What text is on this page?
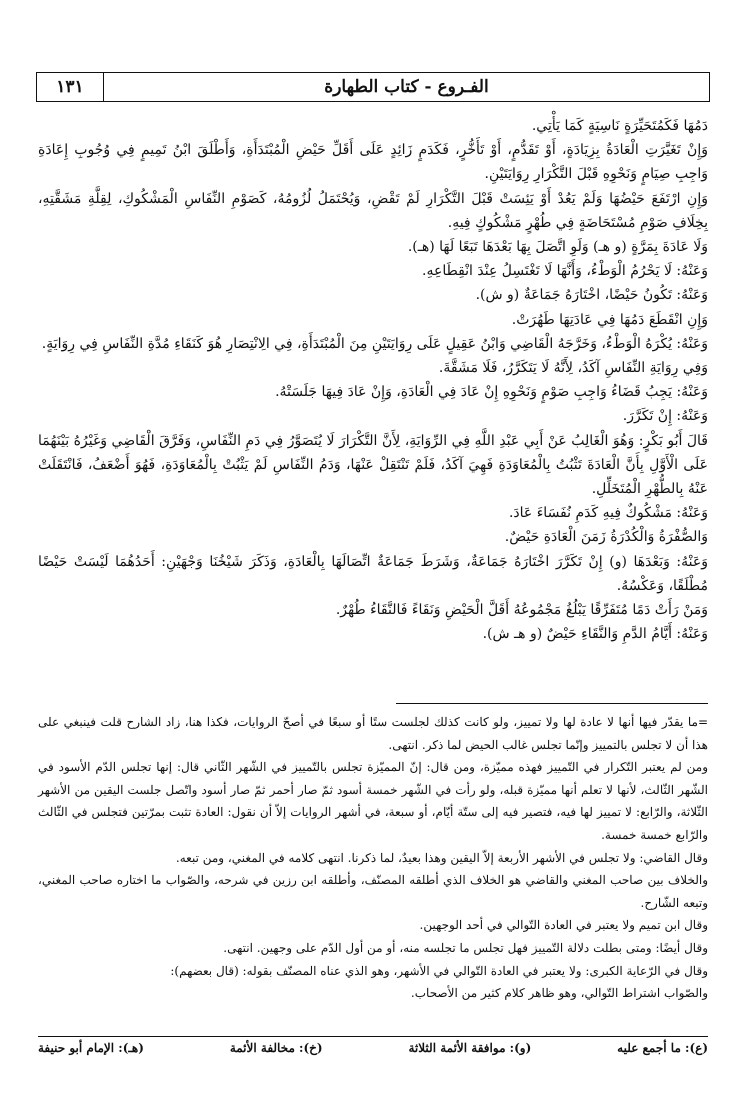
١٣١	الفـروع - كتاب الطهارة

دَمُهَا فَكَمُتَحَيِّرَةٍ نَاسِيَةٍ كَمَا يَأْتِي.

وَإِنْ تَغَيَّرَتِ الْعَادَةُ بِزِيَادَةٍ، أَوْ تَقَدُّمٍ، أَوْ تَأَخُّرٍ، فَكَدَمٍ زَائِدٍ عَلَى أَقَلِّ حَيْضِ الْمُبْتَدَأَةِ، وَأَطْلَقَ ابْنُ تَمِيمٍ فِي وُجُوبِ إِعَادَةِ وَاجِبِ صِيَامٍ وَنَحْوِهِ قَبْلَ التَّكْرَارِ رِوَايَتَيْنِ.

وَإِنِ ارْتَفَعَ حَيْضُهَا وَلَمْ يَعُدْ أَوْ يَئِسَتْ قَبْلَ التَّكْرَارِ لَمْ تَقْضِ، وَيُحْتَمَلُ لُزُومُهُ، كَصَوْمِ النِّفَاسِ الْمَشْكُوكِ، لِقِلَّةِ مَشَقَّتِهِ، بِخِلَافِ صَوْمِ مُسْتَحَاضَةٍ فِي طُهْرٍ مَشْكُوكٍ فِيهِ.

وَلَا عَادَةَ بِمَرَّةٍ (و هـ) وَلَوِ اتَّصَلَ بِهَا بَعْدَهَا تَبَعًا لَهَا (هـ).

وَعَنْهُ: لَا يَحْرُمُ الْوَطْءُ، وَأَنَّهَا لَا تَغْتَسِلُ عِنْدَ انْقِطَاعِهِ.

وَعَنْهُ: تَكُونُ حَيْضًا، اخْتَارَهُ جَمَاعَةٌ (و ش).

وَإِنِ انْقَطَعَ دَمُهَا فِي عَادَتِهَا طَهُرَتْ.

وَعَنْهُ: يُكْرَهُ الْوَطْءُ، وَخَرَّجَهُ الْقَاضِي وَابْنُ عَقِيلٍ عَلَى رِوَايَتَيْنِ مِنَ الْمُبْتَدَأَةِ، فِي الِانْتِصَارِ هُوَ كَنَقَاءِ مُدَّةِ النِّفَاسِ فِي رِوَايَةٍ.

وَفِي رِوَايَةِ النِّفَاسِ آكَدُ، لِأَنَّهُ لَا يَتَكَرَّرُ، فَلَا مَشَقَّةَ.

وَعَنْهُ: يَجِبُ قَضَاءُ وَاجِبِ صَوْمٍ وَنَحْوِهِ إِنْ عَادَ فِي الْعَادَةِ، وَإِنْ عَادَ فِيهَا جَلَسَتْهُ.

وَعَنْهُ: إِنْ تَكَرَّرَ.

قَالَ أَبُو بَكْرٍ: وَهُوَ الْغَالِبُ عَنْ أَبِي عَبْدِ اللَّهِ فِي الرِّوَايَةِ، لِأَنَّ التَّكْرَارَ لَا يُتَصَوَّرُ فِي دَمِ النِّفَاسِ، وَفَرَّقَ الْقَاضِي وَغَيْرُهُ بَيْنَهُمَا عَلَى الْأَوَّلِ بِأَنَّ الْعَادَةَ تَثْبُتُ بِالْمُعَاوَدَةِ فَهِيَ آكَدُ، فَلَمْ تَنْتَقِلْ عَنْهَا، وَدَمُ النِّفَاسِ لَمْ يَثْبُتْ بِالْمُعَاوَدَةِ، فَهُوَ أَضْعَفُ، فَانْتَقَلَتْ عَنْهُ بِالطُّهْرِ الْمُتَخَلِّلِ.

وَعَنْهُ: مَشْكُوكٌ فِيهِ كَدَمِ نُفَسَاءَ عَادَ.

وَالصُّفْرَةُ وَالْكُدْرَةُ زَمَنَ الْعَادَةِ حَيْضٌ.

وَعَنْهُ: وَبَعْدَهَا (و) إِنْ تَكَرَّرَ اخْتَارَهُ جَمَاعَةٌ، وَشَرَطَ جَمَاعَةٌ اتِّصَالَهَا بِالْعَادَةِ، وَذَكَرَ شَيْخُنَا وَجْهَيْنِ: أَحَدُهُمَا لَيْسَتْ حَيْضًا مُطْلَقًا، وَعَكْسُهُ.

وَمَنْ رَأَتْ دَمًا مُتَفَرِّقًا يَبْلُغُ مَجْمُوعُهُ أَقَلَّ الْحَيْضِ وَنَقَاءً فَالنَّقَاءُ طُهْرٌ.

وَعَنْهُ: أَيَّامُ الدَّمِ وَالنَّقَاءِ حَيْضٌ (و هـ ش).

=ما يقدّر فيها أنها لا عادة لها ولا تمييز، ولو كانت كذلك لجلست ستًا أو سبعًا في أصحّ الروايات، فكذا هنا، زاد الشارح قلت فينبغي على هذا أن لا تجلس بالتمييز وإنّما تجلس غالب الحيض لما ذكر. انتهى.

ومن لم يعتبر التّكرار في التّمييز فهذه مميّزة، ومن قال: إنّ المميّزة تجلس بالتّمييز في الشّهر الثّاني قال: إنها تجلس الدّم الأسود في الشّهر الثّالث، لأنها لا تعلم أنها مميّزة قبله، ولو رأت في الشّهر خمسة أسود ثمّ صار أحمر ثمّ صار أسود واتّصل جلست اليقين من الأشهر الثّلاثة، والرّابع: لا تمييز لها فيه، فتصير فيه إلى ستّة أيّام، أو سبعة، في أشهر الروايات إلاّ أن نقول: العادة تثبت بمرّتين فتجلس في الثّالث والرّابع خمسة خمسة.

وقال القاضي: ولا تجلس في الأشهر الأربعة إلاّ اليقين وهذا بعيدٌ، لما ذكرنا. انتهى كلامه في المغني، ومن تبعه.

والخلاف بين صاحب المغني والقاضي هو الخلاف الذي أطلقه المصنّف، وأطلقه ابن رزين في شرحه، والصّواب ما اختاره صاحب المغني، وتبعه الشّارح.

وقال ابن تميم ولا يعتبر في العادة التّوالي في أحد الوجهين.

وقال أيضًا: ومتى بطلت دلالة التّمييز فهل تجلس ما تجلسه منه، أو من أول الدّم على وجهين. انتهى.

وقال في الرّعاية الكبرى: ولا يعتبر في العادة التّوالي في الأشهر، وهو الذي عناه المصنّف بقوله: (قال بعضهم):

والصّواب اشتراط التّوالي، وهو ظاهر كلام كثير من الأصحاب.

(ع): ما أجمع عليه
(و): موافقة الأئمة الثلاثة
(خ): مخالفة الأئمة
(هـ): الإمام أبو حنيفة
